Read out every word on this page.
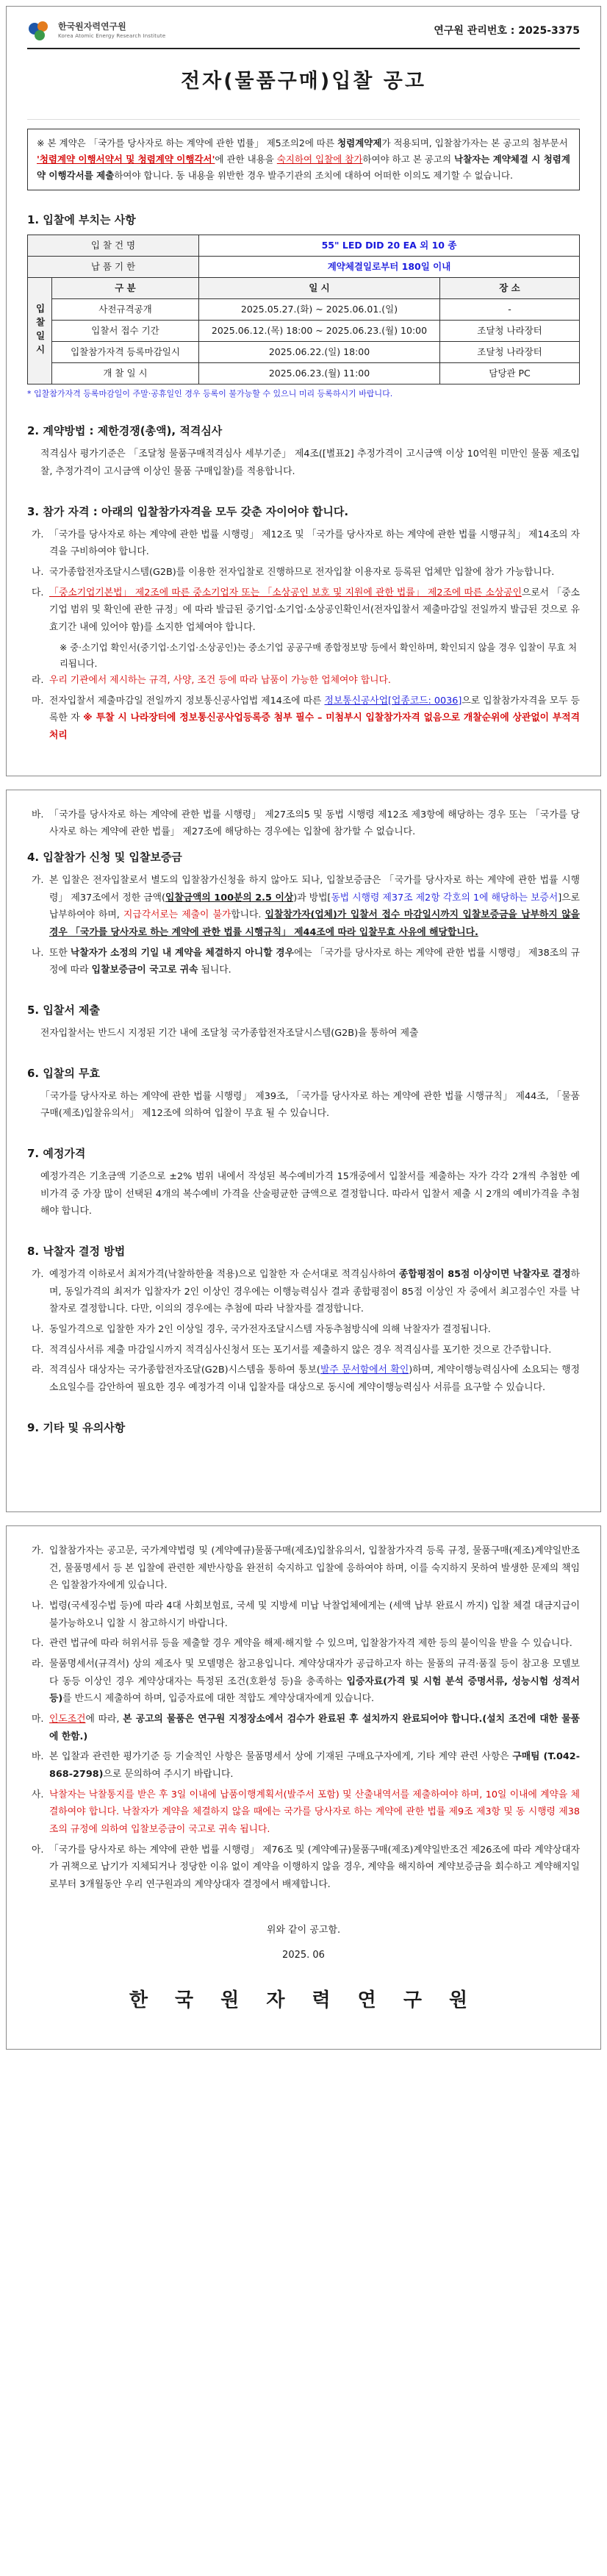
한국원자력연구원
Korea Atomic Energy Research Institute	연구원 관리번호 : 2025-3375
전자(물품구매)입찰 공고
※ 본 계약은 「국가를 당사자로 하는 계약에 관한 법률」 제5조의2에 따른 청렴계약제가 적용되며, 입찰참가자는 본 공고의 첨부문서 '청렴계약 이행서약서 및 청렴계약 이행각서'에 관한 내용을 숙지하여 입찰에 참가하여야 하고 본 공고의 낙찰자는 계약체결 시 청렴계약 이행각서를 제출하여야 합니다. 동 내용을 위반한 경우 발주기관의 조치에 대하여 어떠한 이의도 제기할 수 없습니다.
1. 입찰에 부치는 사항
입 찰 건 명		55" LED DID 20 EA 외 10 종	
납 품 기 한		계약체결일로부터 180일 이내	
입찰일시	구 분	일 시	장 소
	사전규격공개	2025.05.27.(화) ~ 2025.06.01.(일)	-
	입찰서 접수 기간	2025.06.12.(목) 18:00 ~ 2025.06.23.(월) 10:00	조달청 나라장터
	입찰참가자격 등록마감일시	2025.06.22.(일) 18:00	조달청 나라장터
	개 찰 일 시	2025.06.23.(월) 11:00	담당관 PC
* 입찰참가자격 등록마감일이 주말·공휴일인 경우 등록이 불가능할 수 있으니 미리 등록하시기 바랍니다.
2. 계약방법 : 제한경쟁(총액), 적격심사
적격심사 평가기준은 「조달청 물품구매적격심사 세부기준」 제4조([별표2] 추정가격이 고시금액 이상 10억원 미만인 물품 제조입찰, 추정가격이 고시금액 이상인 물품 구매입찰)를 적용합니다.
3. 참가 자격 : 아래의 입찰참가자격을 모두 갖춘 자이어야 합니다.
가. 「국가를 당사자로 하는 계약에 관한 법률 시행령」 제12조 및 「국가를 당사자로 하는 계약에 관한 법률 시행규칙」 제14조의 자격을 구비하여야 합니다.
나. 국가종합전자조달시스템(G2B)를 이용한 전자입찰로 진행하므로 전자입찰 이용자로 등록된 업체만 입찰에 참가 가능합니다.
다. 「중소기업기본법」 제2조에 따른 중소기업자 또는 「소상공인 보호 및 지원에 관한 법률」 제2조에 따른 소상공인으로서 「중소기업 범위 및 확인에 관한 규정」에 따라 발급된 중기업·소기업·소상공인확인서(전자입찰서 제출마감일 전일까지 발급된 것으로 유효기간 내에 있어야 함)를 소지한 업체여야 합니다.
※ 중·소기업 확인서(중기업·소기업·소상공인)는 중소기업 공공구매 종합정보망 등에서 확인하며, 확인되지 않을 경우 입찰이 무효 처리됩니다.
라. 우리 기관에서 제시하는 규격, 사양, 조건 등에 따라 납품이 가능한 업체여야 합니다.
마. 전자입찰서 제출마감일 전일까지 정보통신공사업법 제14조에 따른 정보통신공사업[업종코드: 0036]으로 입찰참가자격을 모두 등록한 자 ※ 투찰 시 나라장터에 정보통신공사업등록증 첨부 필수 – 미첨부시 입찰참가자격 없음으로 개찰순위에 상관없이 부적격 처리
바. 「국가를 당사자로 하는 계약에 관한 법률 시행령」 제27조의5 및 동법 시행령 제12조 제3항에 해당하는 경우 또는 「국가를 당사자로 하는 계약에 관한 법률」 제27조에 해당하는 경우에는 입찰에 참가할 수 없습니다.
4. 입찰참가 신청 및 입찰보증금
가. 본 입찰은 전자입찰로서 별도의 입찰참가신청을 하지 않아도 되나, 입찰보증금은 「국가를 당사자로 하는 계약에 관한 법률 시행령」 제37조에서 정한 금액(입찰금액의 100분의 2.5 이상)과 방법[동법 시행령 제37조 제2항 각호의 1에 해당하는 보증서]으로 납부하여야 하며, 지급각서로는 제출이 불가합니다. 입찰참가자(업체)가 입찰서 접수 마감일시까지 입찰보증금을 납부하지 않을 경우 「국가를 당사자로 하는 계약에 관한 법률 시행규칙」 제44조에 따라 입찰무효 사유에 해당합니다.
나. 또한 낙찰자가 소정의 기일 내 계약을 체결하지 아니할 경우에는 「국가를 당사자로 하는 계약에 관한 법률 시행령」 제38조의 규정에 따라 입찰보증금이 국고로 귀속 됩니다.
5. 입찰서 제출
전자입찰서는 반드시 지정된 기간 내에 조달청 국가종합전자조달시스템(G2B)을 통하여 제출
6. 입찰의 무효
「국가를 당사자로 하는 계약에 관한 법률 시행령」 제39조, 「국가를 당사자로 하는 계약에 관한 법률 시행규칙」 제44조, 「물품구매(제조)입찰유의서」 제12조에 의하여 입찰이 무효 될 수 있습니다.
7. 예정가격
예정가격은 기초금액 기준으로 ±2% 범위 내에서 작성된 복수예비가격 15개중에서 입찰서를 제출하는 자가 각각 2개씩 추첨한 예비가격 중 가장 많이 선택된 4개의 복수예비 가격을 산술평균한 금액으로 결정합니다. 따라서 입찰서 제출 시 2개의 예비가격을 추첨해야 합니다.
8. 낙찰자 결정 방법
가. 예정가격 이하로서 최저가격(낙찰하한율 적용)으로 입찰한 자 순서대로 적격심사하여 종합평점이 85점 이상이면 낙찰자로 결정하며, 동일가격의 최저가 입찰자가 2인 이상인 경우에는 이행능력심사 결과 종합평점이 85점 이상인 자 중에서 최고점수인 자를 낙찰자로 결정합니다. 다만, 이의의 경우에는 추첨에 따라 낙찰자를 결정합니다.
나. 동일가격으로 입찰한 자가 2인 이상일 경우, 국가전자조달시스템 자동추첨방식에 의해 낙찰자가 결정됩니다.
다. 적격심사서류 제출 마감일시까지 적격심사신청서 또는 포기서를 제출하지 않은 경우 적격심사를 포기한 것으로 간주합니다.
라. 적격심사 대상자는 국가종합전자조달(G2B)시스템을 통하여 통보(발주 문서함에서 확인)하며, 계약이행능력심사에 소요되는 행정소요일수를 감안하여 필요한 경우 예정가격 이내 입찰자를 대상으로 동시에 계약이행능력심사 서류를 요구할 수 있습니다.
9. 기타 및 유의사항
가. 입찰참가자는 공고문, 국가계약법령 및 (계약예규)물품구매(제조)입찰유의서, 입찰참가자격 등록 규정, 물품구매(제조)계약일반조건, 물품명세서 등 본 입찰에 관련한 제반사항을 완전히 숙지하고 입찰에 응하여야 하며, 이를 숙지하지 못하여 발생한 문제의 책임은 입찰참가자에게 있습니다.
나. 법령(국세징수법 등)에 따라 4대 사회보험료, 국세 및 지방세 미납 낙찰업체에게는 (세액 납부 완료시 까지) 입찰 체결 대금지급이 불가능하오니 입찰 시 참고하시기 바랍니다.
다. 관련 법규에 따라 허위서류 등을 제출할 경우 계약을 해제·해지할 수 있으며, 입찰참가자격 제한 등의 불이익을 받을 수 있습니다.
라. 물품명세서(규격서) 상의 제조사 및 모델명은 참고용입니다. 계약상대자가 공급하고자 하는 물품의 규격·품질 등이 참고용 모델보다 동등 이상인 경우 계약상대자는 특정된 조건(호환성 등)을 충족하는 입증자료(가격 및 시험 분석 증명서류, 성능시험 성적서 등)를 반드시 제출하여 하며, 입증자료에 대한 적합도 계약상대자에게 있습니다.
마. 인도조건에 따라, 본 공고의 물품은 연구원 지정장소에서 검수가 완료된 후 설치까지 완료되어야 합니다.(설치 조건에 대한 물품에 한함.)
바. 본 입찰과 관련한 평가기준 등 기술적인 사항은 물품명세서 상에 기재된 구매요구자에게, 기타 계약 관련 사항은 구매팀 (T.042-868-2798)으로 문의하여 주시기 바랍니다.
사. 낙찰자는 낙찰통지를 받은 후 3일 이내에 납품이행계획서(발주서 포함) 및 산출내역서를 제출하여야 하며, 10일 이내에 계약을 체결하여야 합니다. 낙찰자가 계약을 체결하지 않을 때에는 국가를 당사자로 하는 계약에 관한 법률 제9조 제3항 및 동 시행령 제38조의 규정에 의하여 입찰보증금이 국고로 귀속 됩니다.
아. 「국가를 당사자로 하는 계약에 관한 법률 시행령」 제76조 및 (계약예규)물품구매(제조)계약일반조건 제26조에 따라 계약상대자가 귀책으로 납기가 지체되거나 정당한 이유 없이 계약을 이행하지 않을 경우, 계약을 해지하여 계약보증금을 회수하고 계약해지일로부터 3개월동안 우리 연구원과의 계약상대자 결정에서 배제합니다.
위와 같이 공고함.
2025. 06
한 국 원 자 력 연 구 원
